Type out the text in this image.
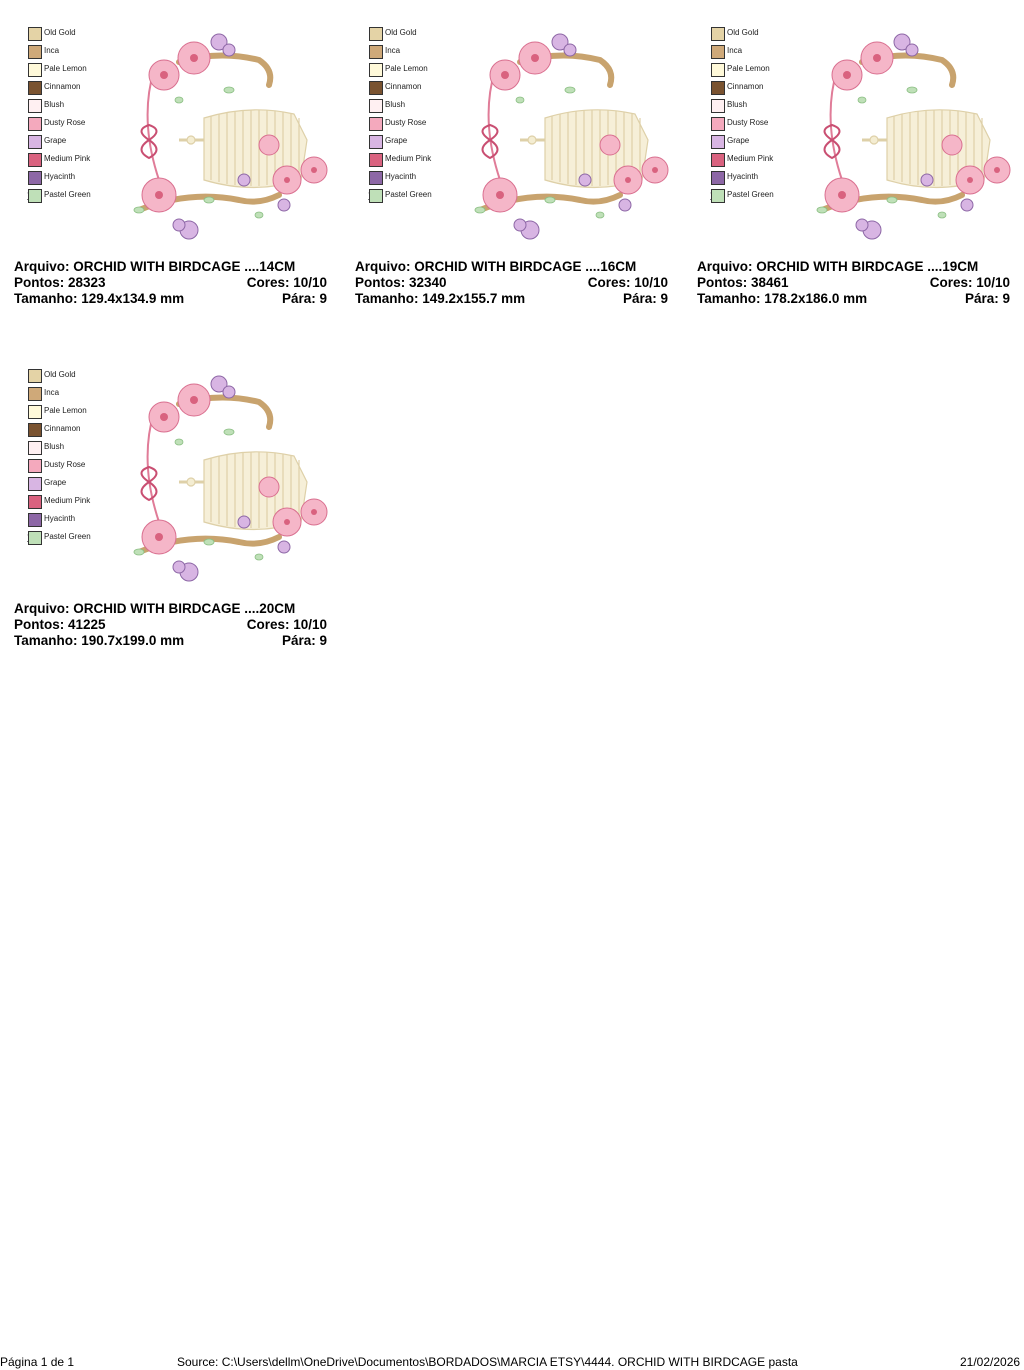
Old Gold
Inca
Pale Lemon
Cinnamon
Blush
Dusty Rose
Grape
Medium Pink
Hyacinth
Pastel Green
Arquivo: ORCHID WITH BIRDCAGE ....14CM
Pontos: 28323	Cores: 10/10
Tamanho: 129.4x134.9 mm	Pára: 9
Old Gold
Inca
Pale Lemon
Cinnamon
Blush
Dusty Rose
Grape
Medium Pink
Hyacinth
Pastel Green
Arquivo: ORCHID WITH BIRDCAGE ....16CM
Pontos: 32340	Cores: 10/10
Tamanho: 149.2x155.7 mm	Pára: 9
Old Gold
Inca
Pale Lemon
Cinnamon
Blush
Dusty Rose
Grape
Medium Pink
Hyacinth
Pastel Green
Arquivo: ORCHID WITH BIRDCAGE ....19CM
Pontos: 38461	Cores: 10/10
Tamanho: 178.2x186.0 mm	Pára: 9
Old Gold
Inca
Pale Lemon
Cinnamon
Blush
Dusty Rose
Grape
Medium Pink
Hyacinth
Pastel Green
Arquivo: ORCHID WITH BIRDCAGE ....20CM
Pontos: 41225	Cores: 10/10
Tamanho: 190.7x199.0 mm	Pára: 9
Página 1 de 1	Source: C:\Users\dellm\OneDrive\Documentos\BORDADOS\MARCIA ETSY\4444. ORCHID WITH BIRDCAGE pasta	21/02/2026
